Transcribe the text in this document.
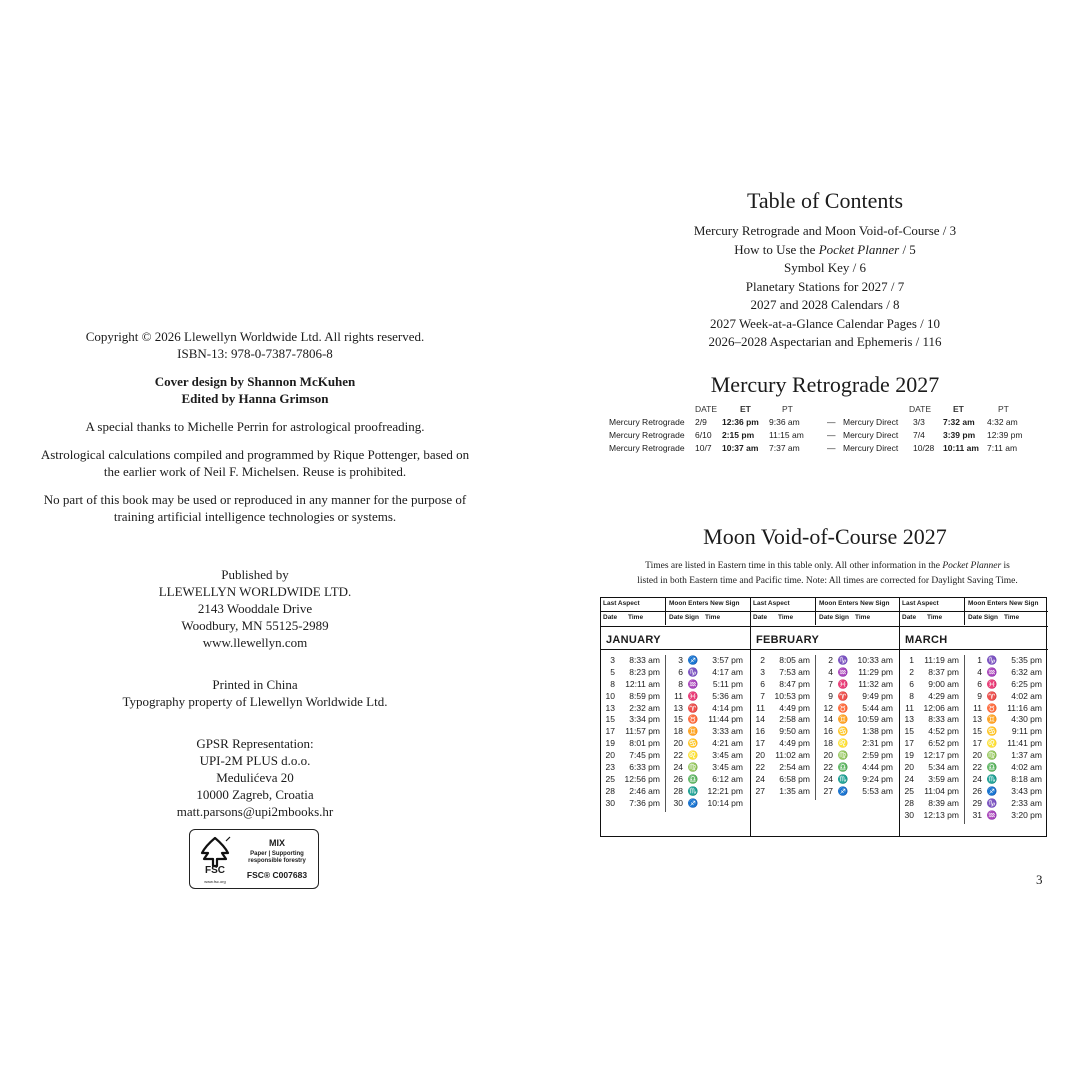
Copyright © 2026 Llewellyn Worldwide Ltd. All rights reserved.

ISBN-13: 978-0-7387-7806-8

Cover design by Shannon McKuhen

Edited by Hanna Grimson

A special thanks to Michelle Perrin for astrological proofreading.

Astrological calculations compiled and programmed by Rique Pottenger, based on

the earlier work of Neil F. Michelsen. Reuse is prohibited.

No part of this book may be used or reproduced in any manner for the purpose of

training artificial intelligence technologies or systems.

Published by

LLEWELLYN WORLDWIDE LTD.

2143 Wooddale Drive

Woodbury, MN 55125-2989

www.llewellyn.com

Printed in China

Typography property of Llewellyn Worldwide Ltd.

GPSR Representation:

UPI-2M PLUS d.o.o.

Medulićeva 20

10000 Zagreb, Croatia

matt.parsons@upi2mbooks.hr

FSC
www.fsc.org
MIX
Paper | Supporting
responsible forestry
FSC® C007683
Table of Contents
Mercury Retrograde and Moon Void-of-Course / 3
How to Use the Pocket Planner / 5
Symbol Key / 6
Planetary Stations for 2027 / 7
2027 and 2028 Calendars / 8
2027 Week-at-a-Glance Calendar Pages / 10
2026–2028 Aspectarian and Ephemeris / 116
Mercury Retrograde 2027
DATE	ET	PT	DATE	ET	PT
Mercury Retrograde 2/9 12:36 pm 9:36 am	— Mercury Direct 3/3 7:32 am 4:32 am
Mercury Retrograde 6/10 2:15 pm 11:15 am	— Mercury Direct 7/4 3:39 pm 12:39 pm
Mercury Retrograde 10/7 10:37 am 7:37 am	— Mercury Direct 10/28 10:11 am 7:11 am
Moon Void-of-Course 2027
Times are listed in Eastern time in this table only. All other information in the Pocket Planner is
listed in both Eastern time and Pacific time. Note: All times are corrected for Daylight Saving Time.
Last Aspect	Moon Enters New Sign
Date Time	Date Sign Time
JANUARY
3	8:33 am	3 ♐	3:57 pm
5	8:23 pm	6 ♑	4:17 am
8	12:11 am	8 ♒	5:11 pm
10	8:59 pm	11 ♓	5:36 am
13	2:32 am	13 ♈	4:14 pm
15	3:34 pm	15 ♉	11:44 pm
17	11:57 pm	18 ♊	3:33 am
19	8:01 pm	20 ♋	4:21 am
20	7:45 pm	22 ♌	3:45 am
23	6:33 pm	24 ♍	3:45 am
25	12:56 pm	26 ♎	6:12 am
28	2:46 am	28 ♏	12:21 pm
30	7:36 pm	30 ♐	10:14 pm
Last Aspect	Moon Enters New Sign
Date Time	Date Sign Time
FEBRUARY
2	8:05 am	2 ♑	10:33 am
3	7:53 am	4 ♒	11:29 pm
6	8:47 pm	7 ♓	11:32 am
7	10:53 pm	9 ♈	9:49 pm
11	4:49 pm	12 ♉	5:44 am
14	2:58 am	14 ♊	10:59 am
16	9:50 am	16 ♋	1:38 pm
17	4:49 pm	18 ♌	2:31 pm
20	11:02 am	20 ♍	2:59 pm
22	2:54 am	22 ♎	4:44 pm
24	6:58 pm	24 ♏	9:24 pm
27	1:35 am	27 ♐	5:53 am
Last Aspect	Moon Enters New Sign
Date Time	Date Sign Time
MARCH
1	11:19 am	1 ♑	5:35 pm
2	8:37 pm	4 ♒	6:32 am
6	9:00 am	6 ♓	6:25 pm
8	4:29 am	9 ♈	4:02 am
11	12:06 am	11 ♉	11:16 am
13	8:33 am	13 ♊	4:30 pm
15	4:52 pm	15 ♋	9:11 pm
17	6:52 pm	17 ♌	11:41 pm
19	12:17 pm	20 ♍	1:37 am
20	5:34 am	22 ♎	4:02 am
24	3:59 am	24 ♏	8:18 am
25	11:04 pm	26 ♐	3:43 pm
28	8:39 am	29 ♑	2:33 am
30	12:13 pm	31 ♒	3:20 pm
3
